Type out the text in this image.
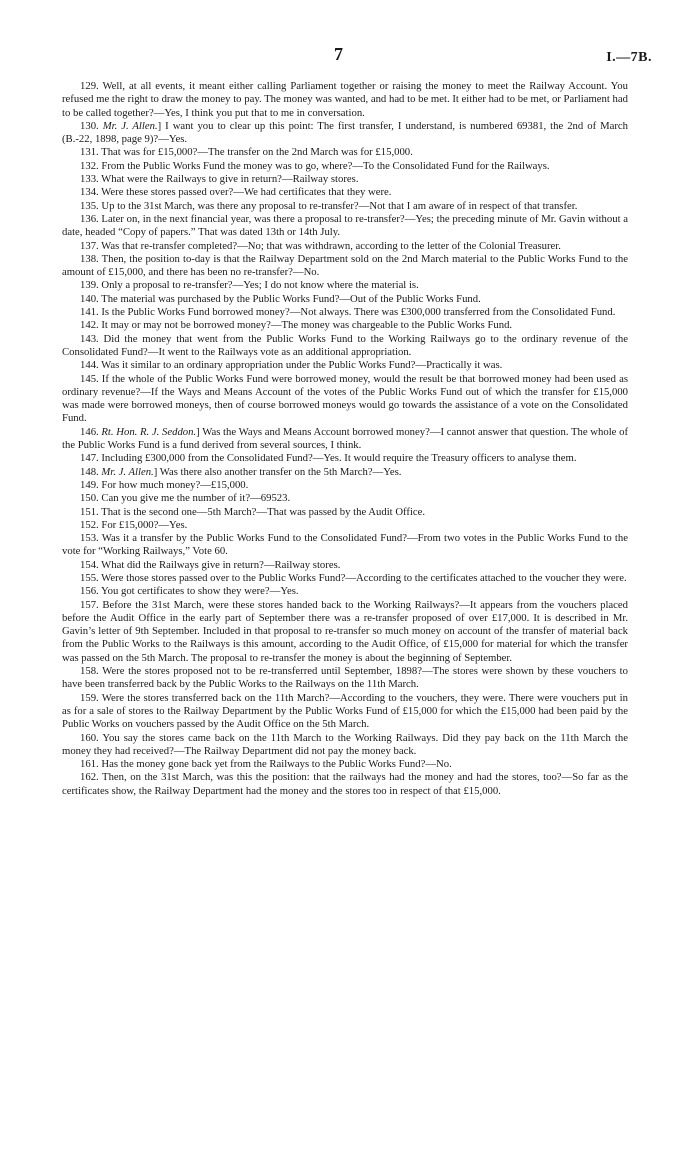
7	I.—7B.

129. Well, at all events, it meant either calling Parliament together or raising the money to meet the Railway Account. You refused me the right to draw the money to pay. The money was wanted, and had to be met. It either had to be met, or Parliament had to be called together?—Yes, I think you put that to me in conversation.

130. Mr. J. Allen.] I want you to clear up this point: The first transfer, I understand, is numbered 69381, the 2nd of March (B.-22, 1898, page 9)?—Yes.

131. That was for £15,000?—The transfer on the 2nd March was for £15,000.

132. From the Public Works Fund the money was to go, where?—To the Consolidated Fund for the Railways.

133. What were the Railways to give in return?—Railway stores.

134. Were these stores passed over?—We had certificates that they were.

135. Up to the 31st March, was there any proposal to re-transfer?—Not that I am aware of in respect of that transfer.

136. Later on, in the next financial year, was there a proposal to re-transfer?—Yes; the preceding minute of Mr. Gavin without a date, headed “Copy of papers.” That was dated 13th or 14th July.

137. Was that re-transfer completed?—No; that was withdrawn, according to the letter of the Colonial Treasurer.

138. Then, the position to-day is that the Railway Department sold on the 2nd March material to the Public Works Fund to the amount of £15,000, and there has been no re-transfer?—No.

139. Only a proposal to re-transfer?—Yes; I do not know where the material is.

140. The material was purchased by the Public Works Fund?—Out of the Public Works Fund.

141. Is the Public Works Fund borrowed money?—Not always. There was £300,000 transferred from the Consolidated Fund.

142. It may or may not be borrowed money?—The money was chargeable to the Public Works Fund.

143. Did the money that went from the Public Works Fund to the Working Railways go to the ordinary revenue of the Consolidated Fund?—It went to the Railways vote as an additional appropriation.

144. Was it similar to an ordinary appropriation under the Public Works Fund?—Practically it was.

145. If the whole of the Public Works Fund were borrowed money, would the result be that borrowed money had been used as ordinary revenue?—If the Ways and Means Account of the votes of the Public Works Fund out of which the transfer for £15,000 was made were borrowed moneys, then of course borrowed moneys would go towards the assistance of a vote on the Consolidated Fund.

146. Rt. Hon. R. J. Seddon.] Was the Ways and Means Account borrowed money?—I cannot answer that question. The whole of the Public Works Fund is a fund derived from several sources, I think.

147. Including £300,000 from the Consolidated Fund?—Yes. It would require the Treasury officers to analyse them.

148. Mr. J. Allen.] Was there also another transfer on the 5th March?—Yes.

149. For how much money?—£15,000.

150. Can you give me the number of it?—69523.

151. That is the second one—5th March?—That was passed by the Audit Office.

152. For £15,000?—Yes.

153. Was it a transfer by the Public Works Fund to the Consolidated Fund?—From two votes in the Public Works Fund to the vote for “Working Railways,” Vote 60.

154. What did the Railways give in return?—Railway stores.

155. Were those stores passed over to the Public Works Fund?—According to the certificates attached to the voucher they were.

156. You got certificates to show they were?—Yes.

157. Before the 31st March, were these stores handed back to the Working Railways?—It appears from the vouchers placed before the Audit Office in the early part of September there was a re-transfer proposed of over £17,000. It is described in Mr. Gavin’s letter of 9th September. Included in that proposal to re-transfer so much money on account of the transfer of material back from the Public Works to the Railways is this amount, according to the Audit Office, of £15,000 for material for which the transfer was passed on the 5th March. The proposal to re-transfer the money is about the beginning of September.

158. Were the stores proposed not to be re-transferred until September, 1898?—The stores were shown by these vouchers to have been transferred back by the Public Works to the Railways on the 11th March.

159. Were the stores transferred back on the 11th March?—According to the vouchers, they were. There were vouchers put in as for a sale of stores to the Railway Department by the Public Works Fund of £15,000 for which the £15,000 had been paid by the Public Works on vouchers passed by the Audit Office on the 5th March.

160. You say the stores came back on the 11th March to the Working Railways. Did they pay back on the 11th March the money they had received?—The Railway Department did not pay the money back.

161. Has the money gone back yet from the Railways to the Public Works Fund?—No.

162. Then, on the 31st March, was this the position: that the railways had the money and had the stores, too?—So far as the certificates show, the Railway Department had the money and the stores too in respect of that £15,000.
